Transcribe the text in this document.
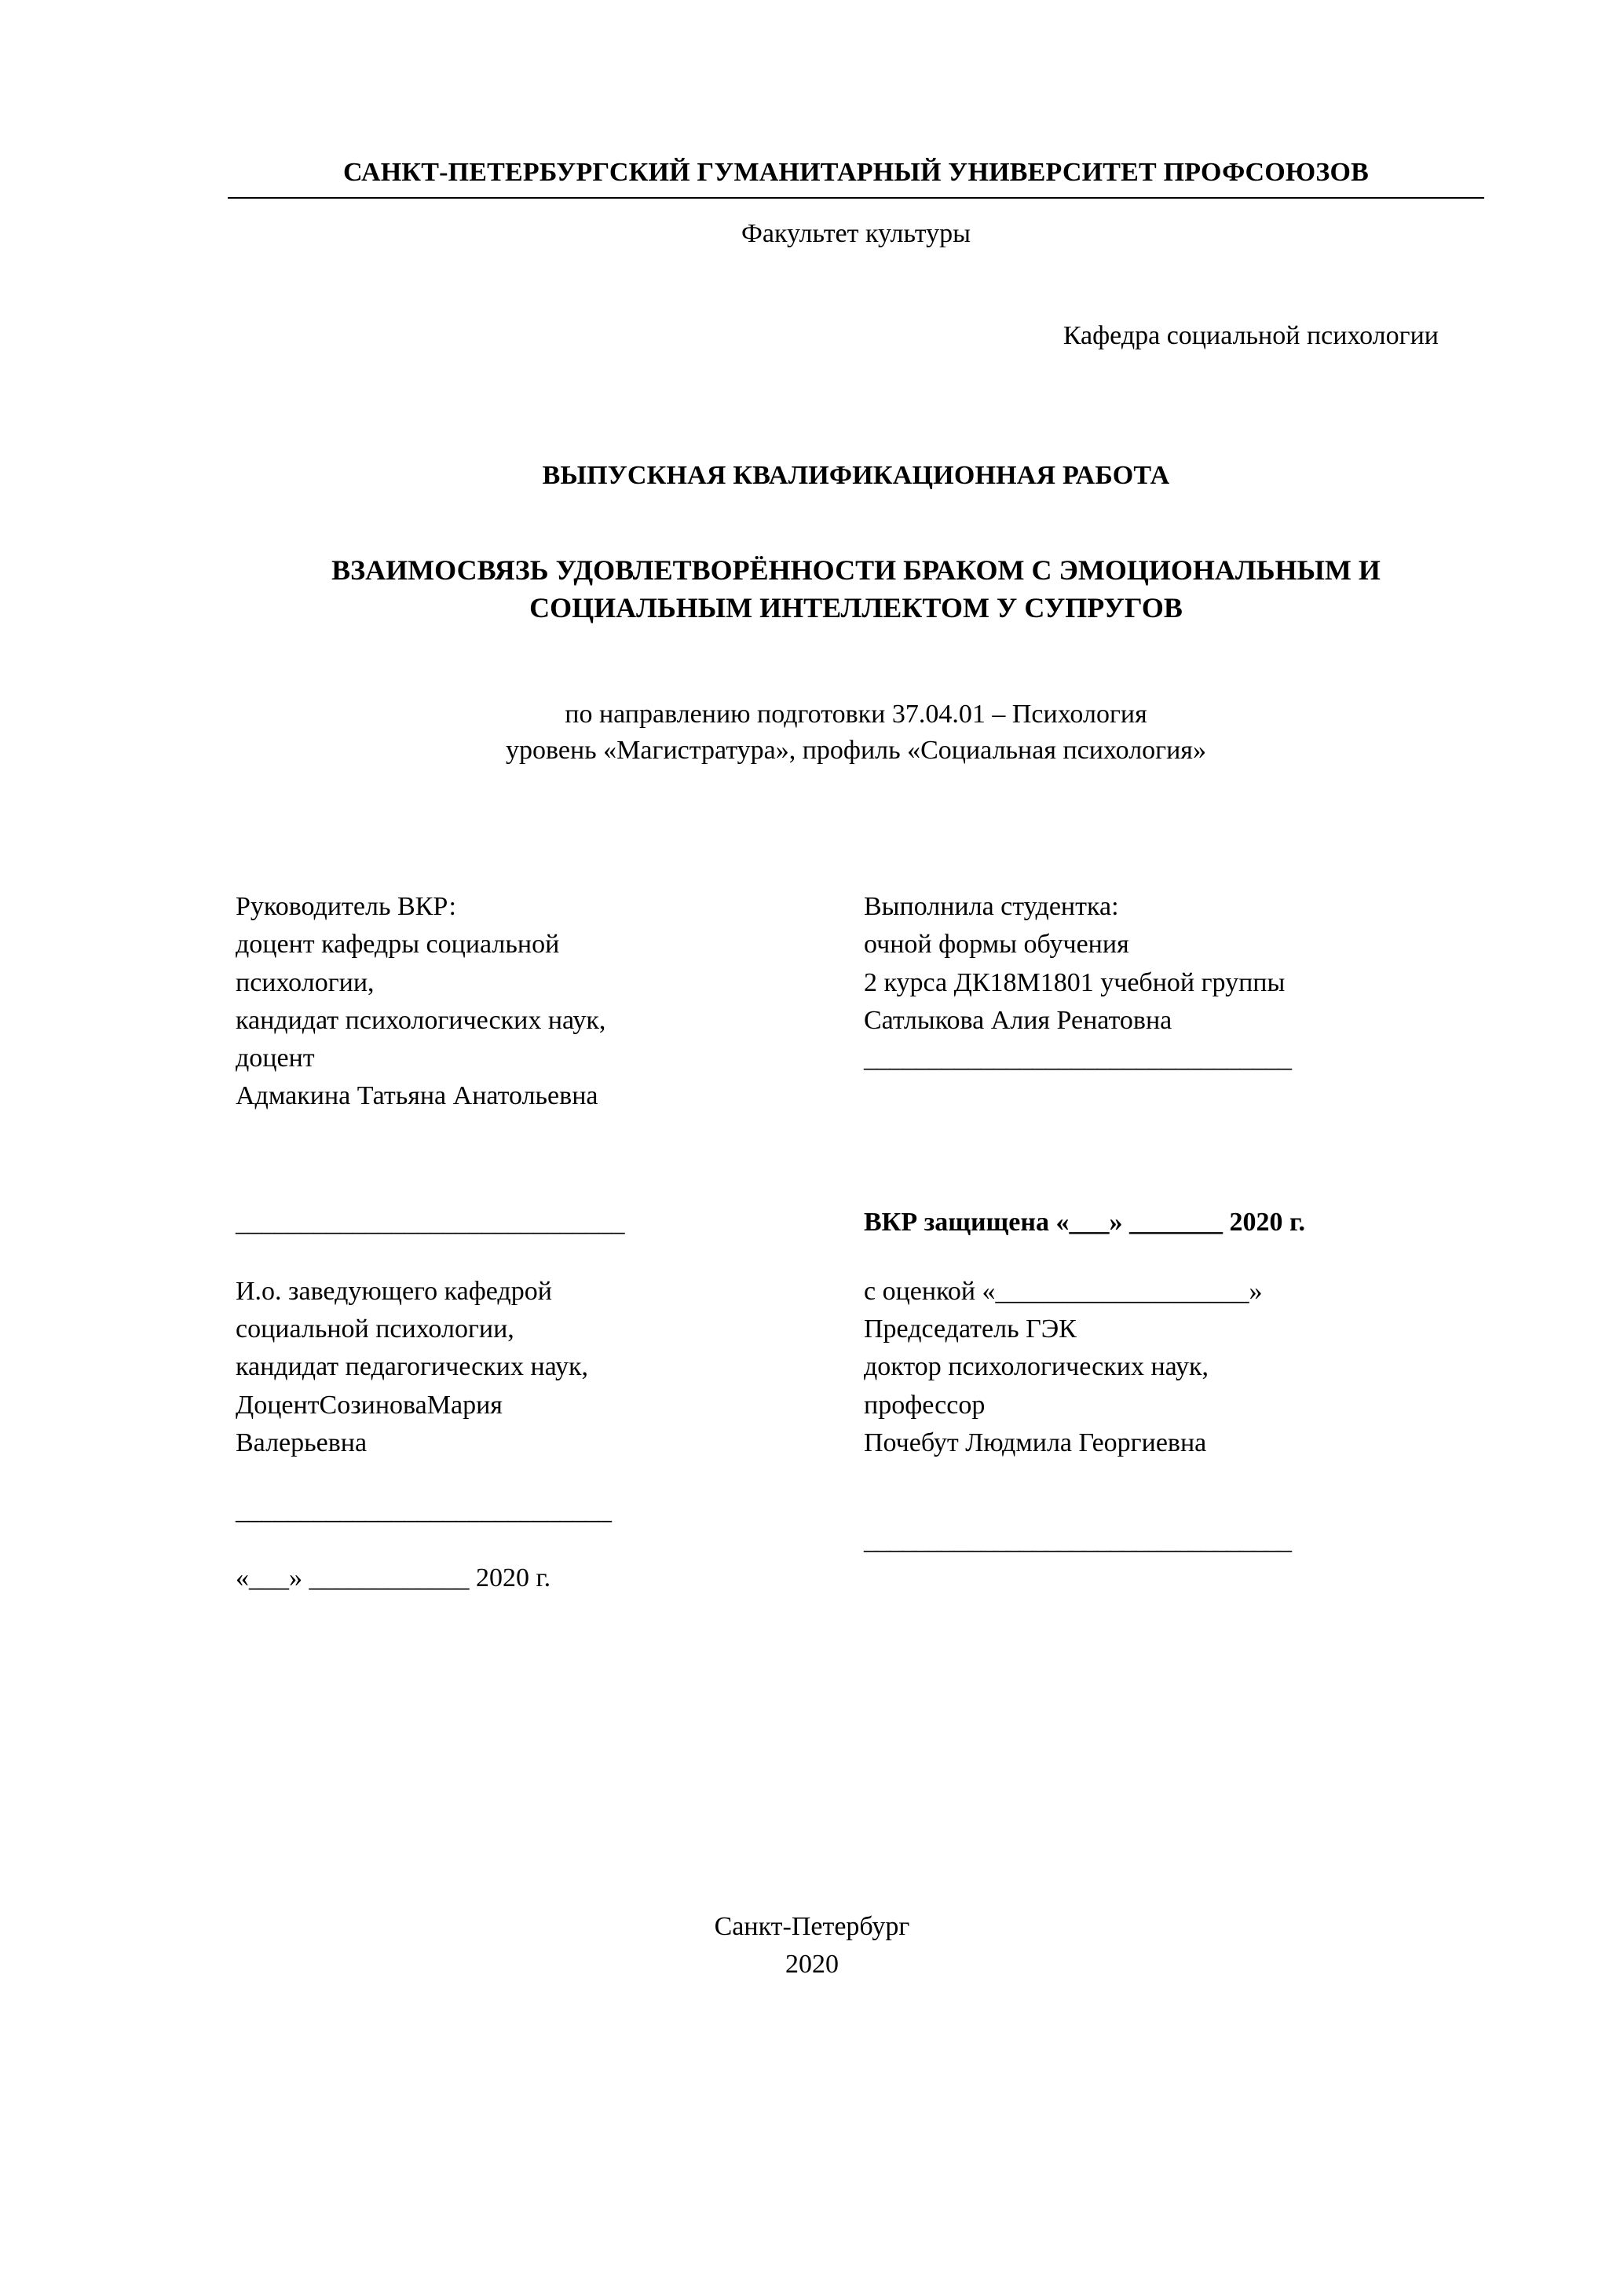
САНКТ-ПЕТЕРБУРГСКИЙ ГУМАНИТАРНЫЙ УНИВЕРСИТЕТ ПРОФСОЮЗОВ
Факультет культуры
Кафедра социальной психологии
ВЫПУСКНАЯ КВАЛИФИКАЦИОННАЯ РАБОТА
ВЗАИМОСВЯЗЬ УДОВЛЕТВОРЁННОСТИ БРАКОМ С ЭМОЦИОНАЛЬНЫМ И СОЦИАЛЬНЫМ ИНТЕЛЛЕКТОМ У СУПРУГОВ
по направлению подготовки 37.04.01 – Психология
уровень «Магистратура», профиль «Социальная психология»
Руководитель ВКР:
доцент кафедры социальной
психологии,
кандидат психологических наук,
доцент
Адмакина Татьяна Анатольевна
Выполнила студентка:
очной формы обучения
2 курса ДК18М1801 учебной группы
Сатлыкова Алия Ренатовна
_________________________________
______________________________	ВКР защищена «___» _______ 2020 г.
И.о. заведующего кафедрой
социальной психологии,
кандидат педагогических наук,
ДоцентСозиноваМария
Валерьевна
_____________________________
«___» ____________ 2020 г.
с оценкой «___________________»
Председатель ГЭК
доктор психологических наук,
профессор
Почебут Людмила Георгиевна
_________________________________
Санкт-Петербург
2020
